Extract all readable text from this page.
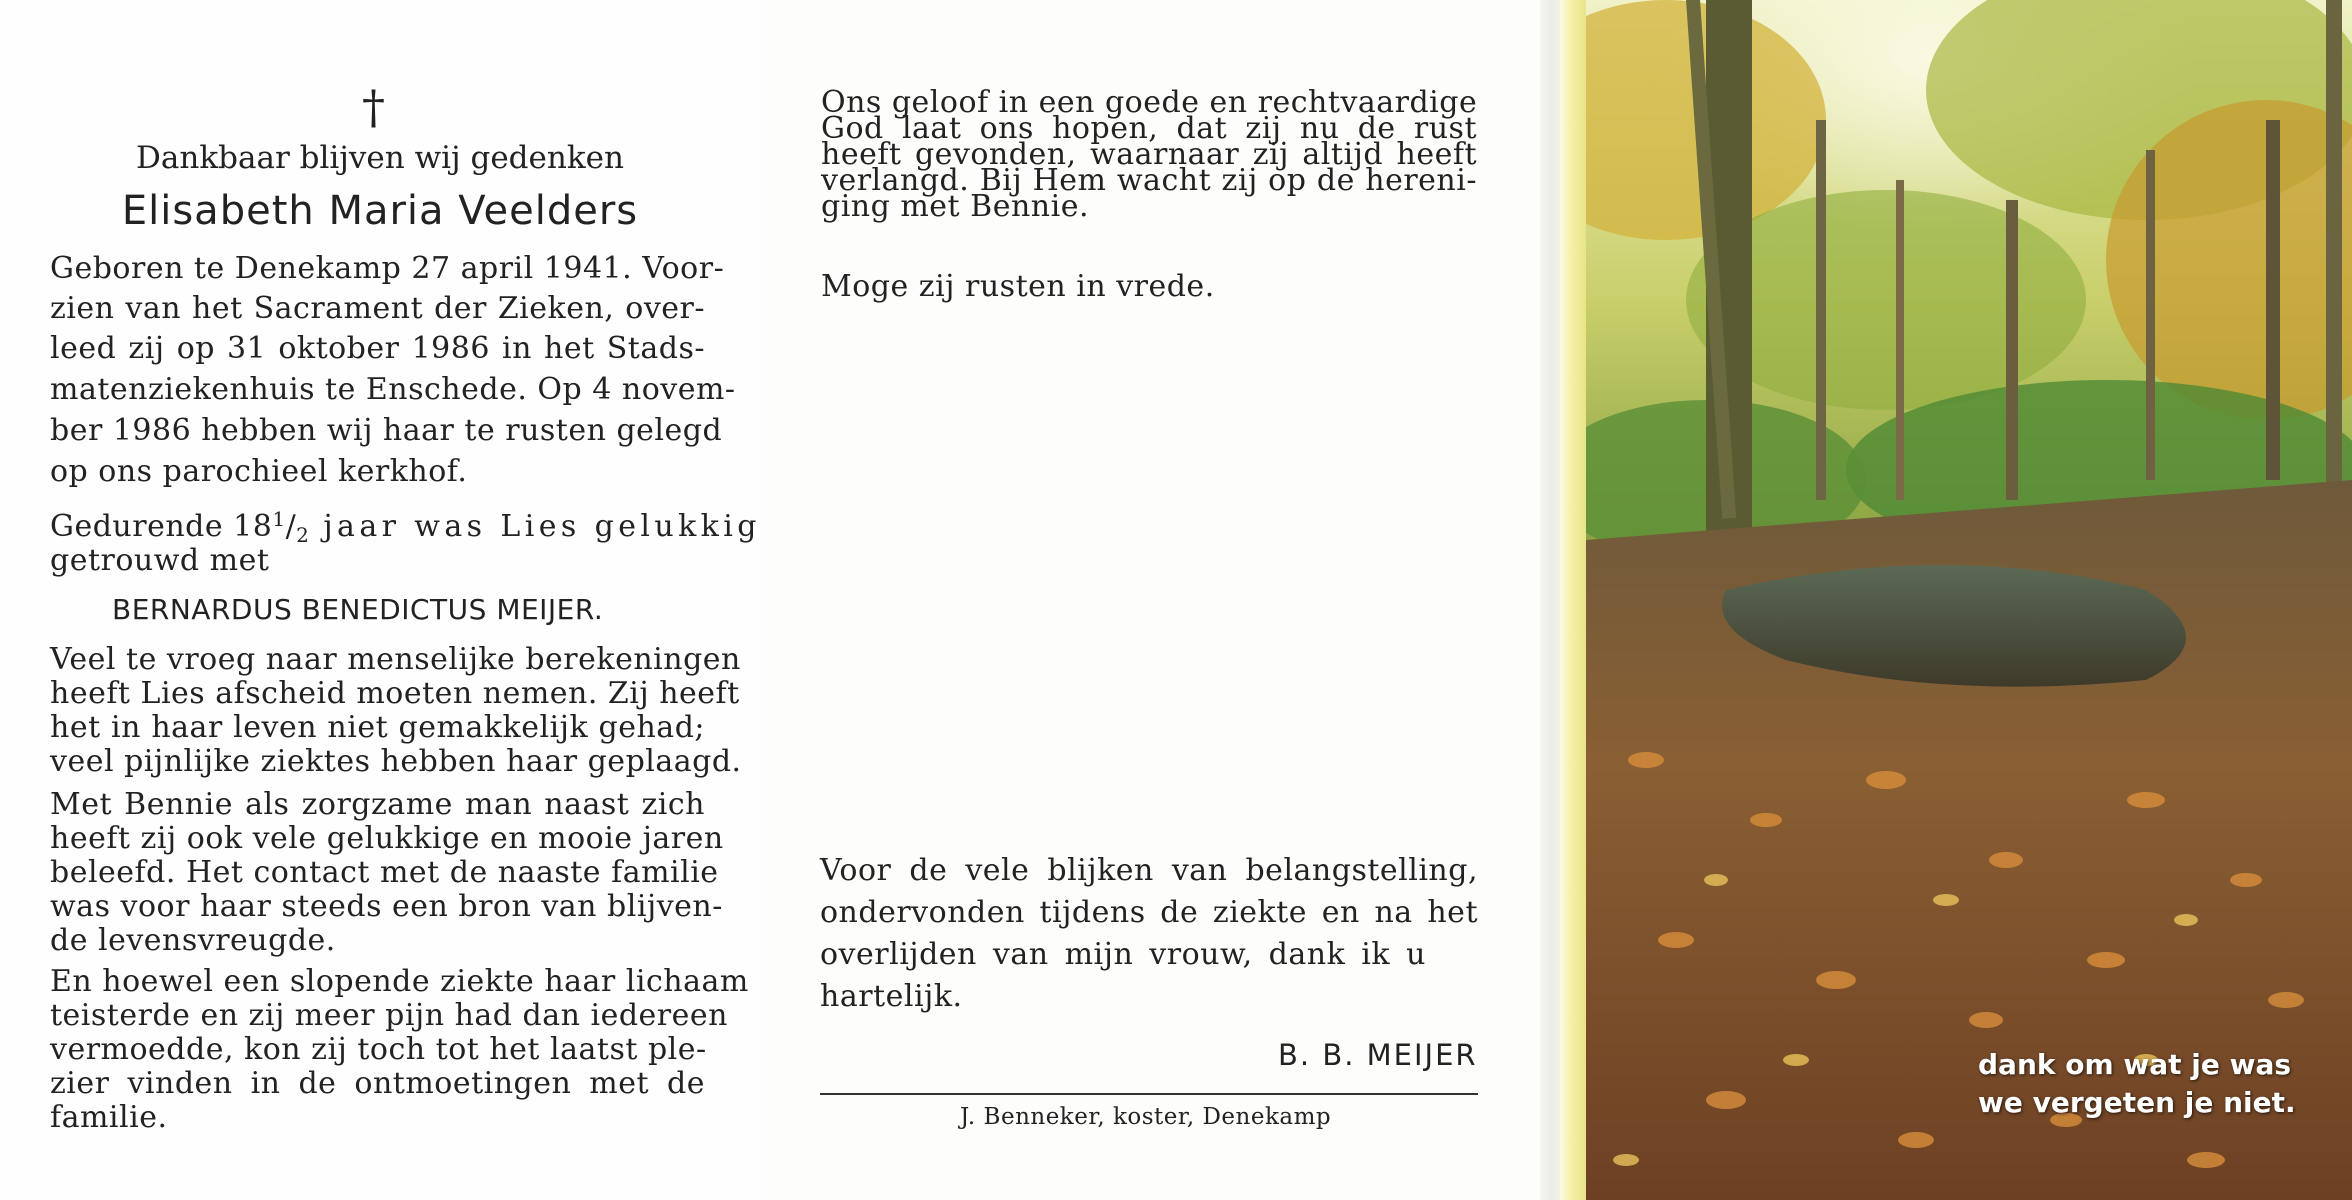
†
Dankbaar blijven wij gedenken
Elisabeth Maria Veelders
Geboren te Denekamp 27 april 1941. Voor-
zien van het Sacrament der Zieken, over-
leed zij op 31 oktober 1986 in het Stads-
matenziekenhuis te Enschede. Op 4 novem-
ber 1986 hebben wij haar te rusten gelegd
op ons parochieel kerkhof.
Gedurende $18^1/_2$ jaar was Lies gelukkig
getrouwd met
BERNARDUS BENEDICTUS MEIJER.
Veel te vroeg naar menselijke berekeningen
heeft Lies afscheid moeten nemen. Zij heeft
het in haar leven niet gemakkelijk gehad;
veel pijnlijke ziektes hebben haar geplaagd.
Met Bennie als zorgzame man naast zich
heeft zij ook vele gelukkige en mooie jaren
beleefd. Het contact met de naaste familie
was voor haar steeds een bron van blijven-
de levensvreugde.
En hoewel een slopende ziekte haar lichaam
teisterde en zij meer pijn had dan iedereen
vermoedde, kon zij toch tot het laatst ple-
zier vinden in de ontmoetingen met de
familie.
Ons geloof in een goede en rechtvaardige
God laat ons hopen, dat zij nu de rust
heeft gevonden, waarnaar zij altijd heeft
verlangd. Bij Hem wacht zij op de hereni-
ging met Bennie.
Moge zij rusten in vrede.
Voor de vele blijken van belangstelling,
ondervonden tijdens de ziekte en na het
overlijden van mijn vrouw, dank ik u
hartelijk.
B. B. MEIJER
J. Benneker, koster, Denekamp
dank om wat je was
we vergeten je niet.
